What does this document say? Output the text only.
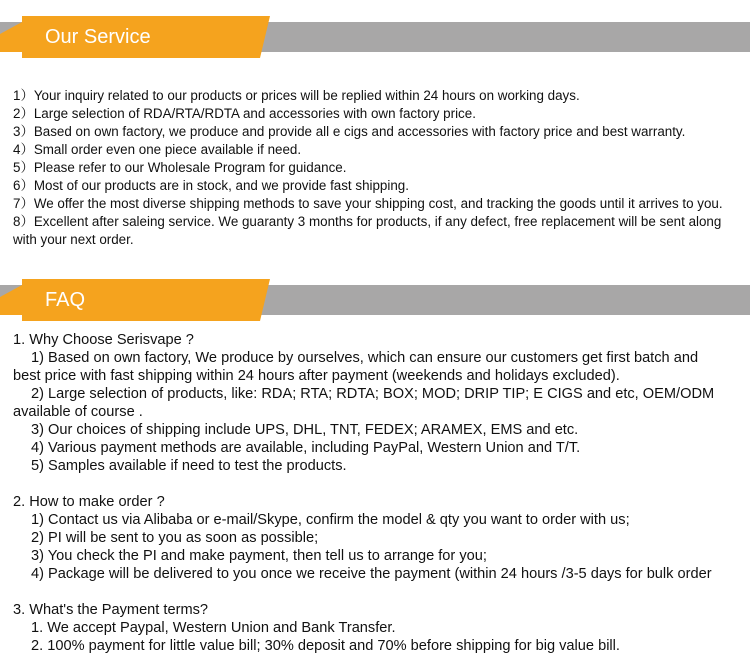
Our Service

1）Your inquiry related to our products or prices will be replied within 24 hours on working days.

2）Large selection of RDA/RTA/RDTA and accessories with own factory price.

3）Based on own factory, we produce and provide all e cigs and accessories with factory price and best warranty.

4）Small order even one piece available if need.

5）Please refer to our Wholesale Program for guidance.

6）Most of our products are in stock, and we provide fast shipping.

7）We offer the most diverse shipping methods to save your shipping cost, and tracking the goods until it arrives to you.

8）Excellent after saleing service. We guaranty 3 months for products, if any defect, free replacement will be sent along

with your next order.

FAQ

1. Why Choose Serisvape ?

1) Based on own factory, We produce by ourselves, which can ensure our customers get first batch and

best price with fast shipping within 24 hours after payment (weekends and holidays excluded).

2) Large selection of products, like: RDA; RTA; RDTA; BOX; MOD; DRIP TIP; E CIGS and etc, OEM/ODM

available of course .

3) Our choices of shipping include UPS, DHL, TNT, FEDEX; ARAMEX, EMS and etc.

4) Various payment methods are available, including PayPal, Western Union and T/T.

5) Samples available if need to test the products.

2. How to make order ?

1) Contact us via Alibaba or e-mail/Skype, confirm the model & qty you want to order with us;

2) PI will be sent to you as soon as possible;

3) You check the PI and make payment, then tell us to arrange for you;

4) Package will be delivered to you once we receive the payment (within 24 hours /3-5 days for bulk order

3. What's the Payment terms?

1. We accept Paypal, Western Union and Bank Transfer.

2. 100% payment for little value bill; 30% deposit and 70% before shipping for big value bill.
